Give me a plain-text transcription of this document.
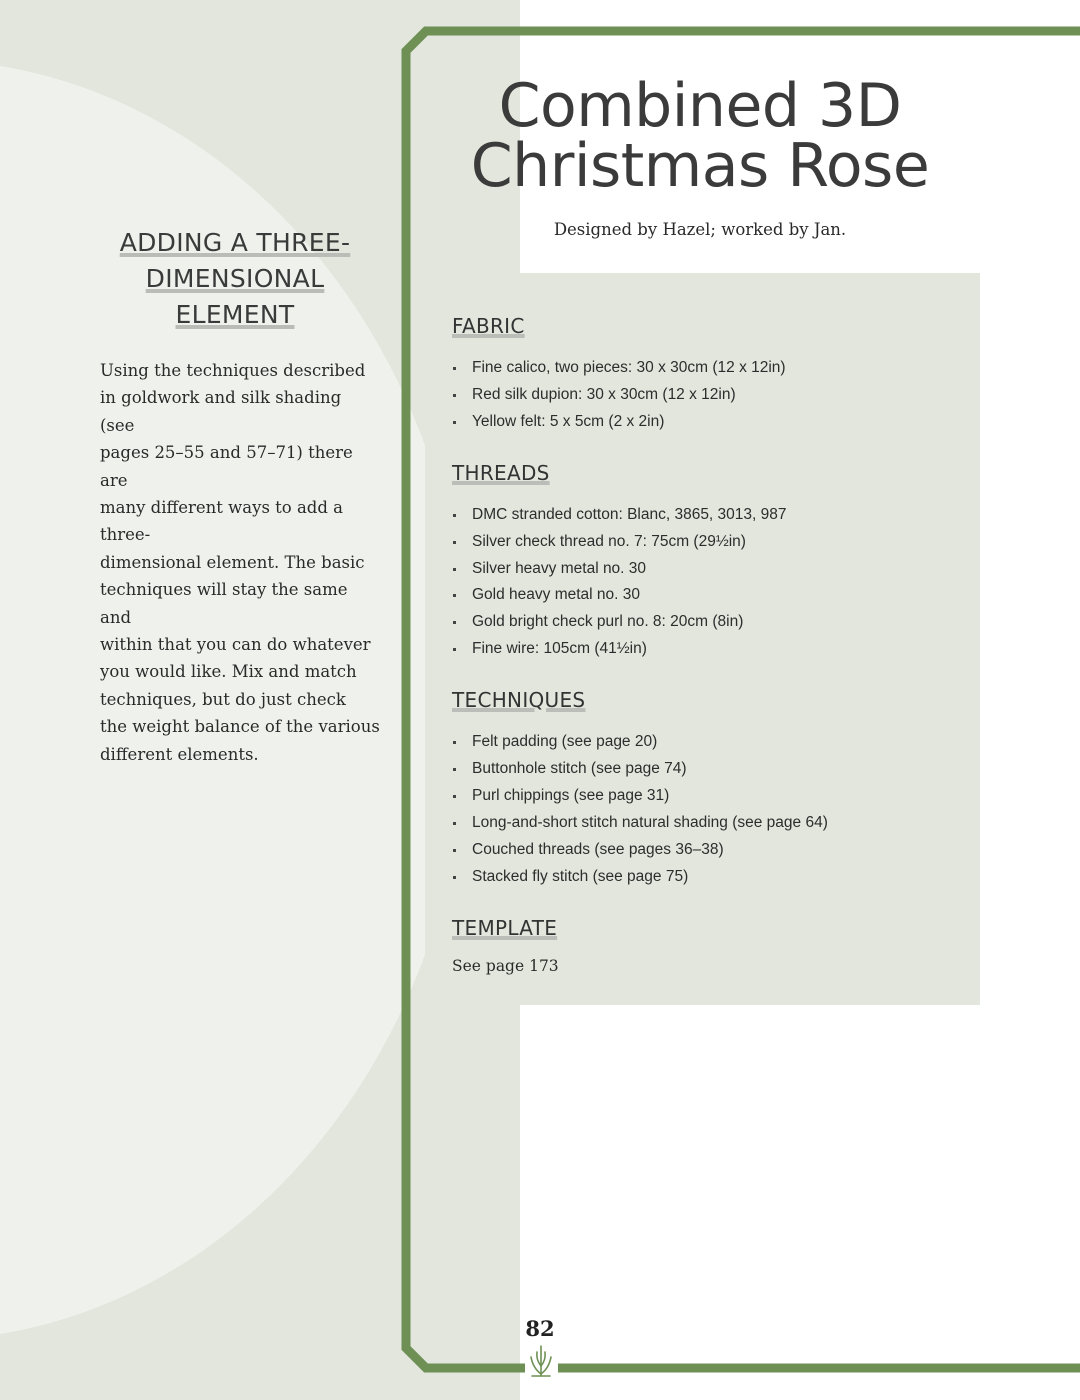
ADDING A THREE-
DIMENSIONAL
ELEMENT

Using the techniques described
in goldwork and silk shading (see
pages 25–55 and 57–71) there are
many different ways to add a three-
dimensional element. The basic
techniques will stay the same and
within that you can do whatever
you would like. Mix and match
techniques, but do just check
the weight balance of the various
different elements.

Combined 3D
Christmas Rose

Designed by Hazel; worked by Jan.

FABRIC
Fine calico, two pieces: 30 x 30cm (12 x 12in)
Red silk dupion: 30 x 30cm (12 x 12in)
Yellow felt: 5 x 5cm (2 x 2in)
THREADS
DMC stranded cotton: Blanc, 3865, 3013, 987
Silver check thread no. 7: 75cm (29½in)
Silver heavy metal no. 30
Gold heavy metal no. 30
Gold bright check purl no. 8: 20cm (8in)
Fine wire: 105cm (41½in)
TECHNIQUES
Felt padding (see page 20)
Buttonhole stitch (see page 74)
Purl chippings (see page 31)
Long-and-short stitch natural shading (see page 64)
Couched threads (see pages 36–38)
Stacked fly stitch (see page 75)
TEMPLATE

See page 173

82
